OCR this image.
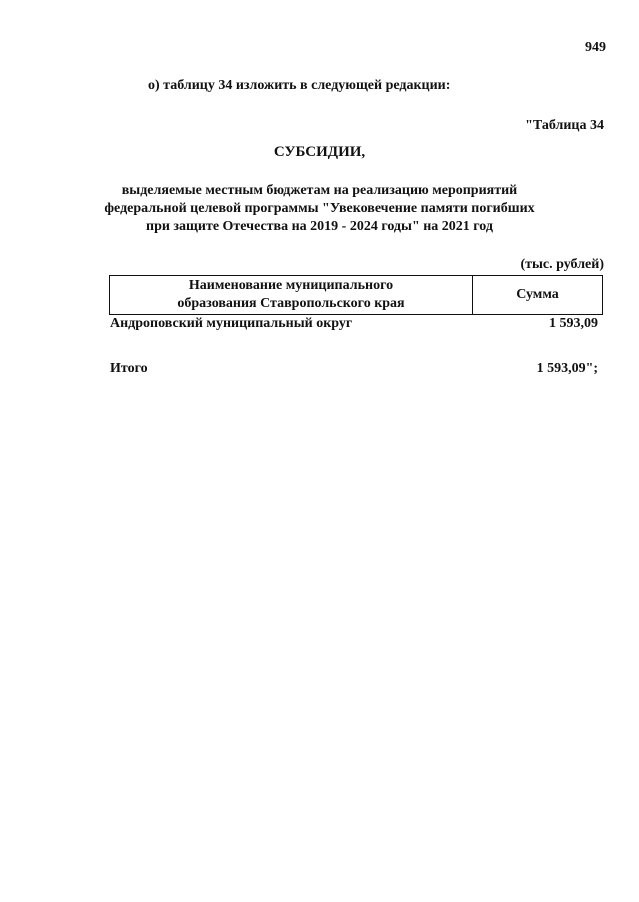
949
о) таблицу 34 изложить в следующей редакции:
"Таблица 34
СУБСИДИИ,
выделяемые местным бюджетам на реализацию мероприятий
федеральной целевой программы "Увековечение памяти погибших
при защите Отечества на 2019 - 2024 годы" на 2021 год
(тыс. рублей)
Наименование муниципального
образования Ставропольского края
Сумма
Андроповский муниципальный округ	1 593,09
Итого	1 593,09";
